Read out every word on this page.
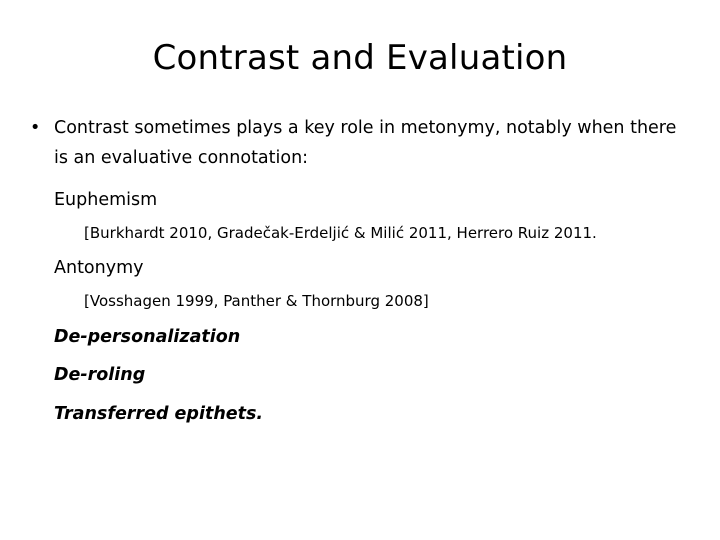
Contrast and Evaluation
• Contrast sometimes plays a key role in metonymy, notably when there is an evaluative connotation:
Euphemism
[Burkhardt 2010, Gradečak-Erdeljić & Milić 2011, Herrero Ruiz 2011.
Antonymy
[Vosshagen 1999, Panther & Thornburg 2008]
De-personalization
De-roling
Transferred epithets.
